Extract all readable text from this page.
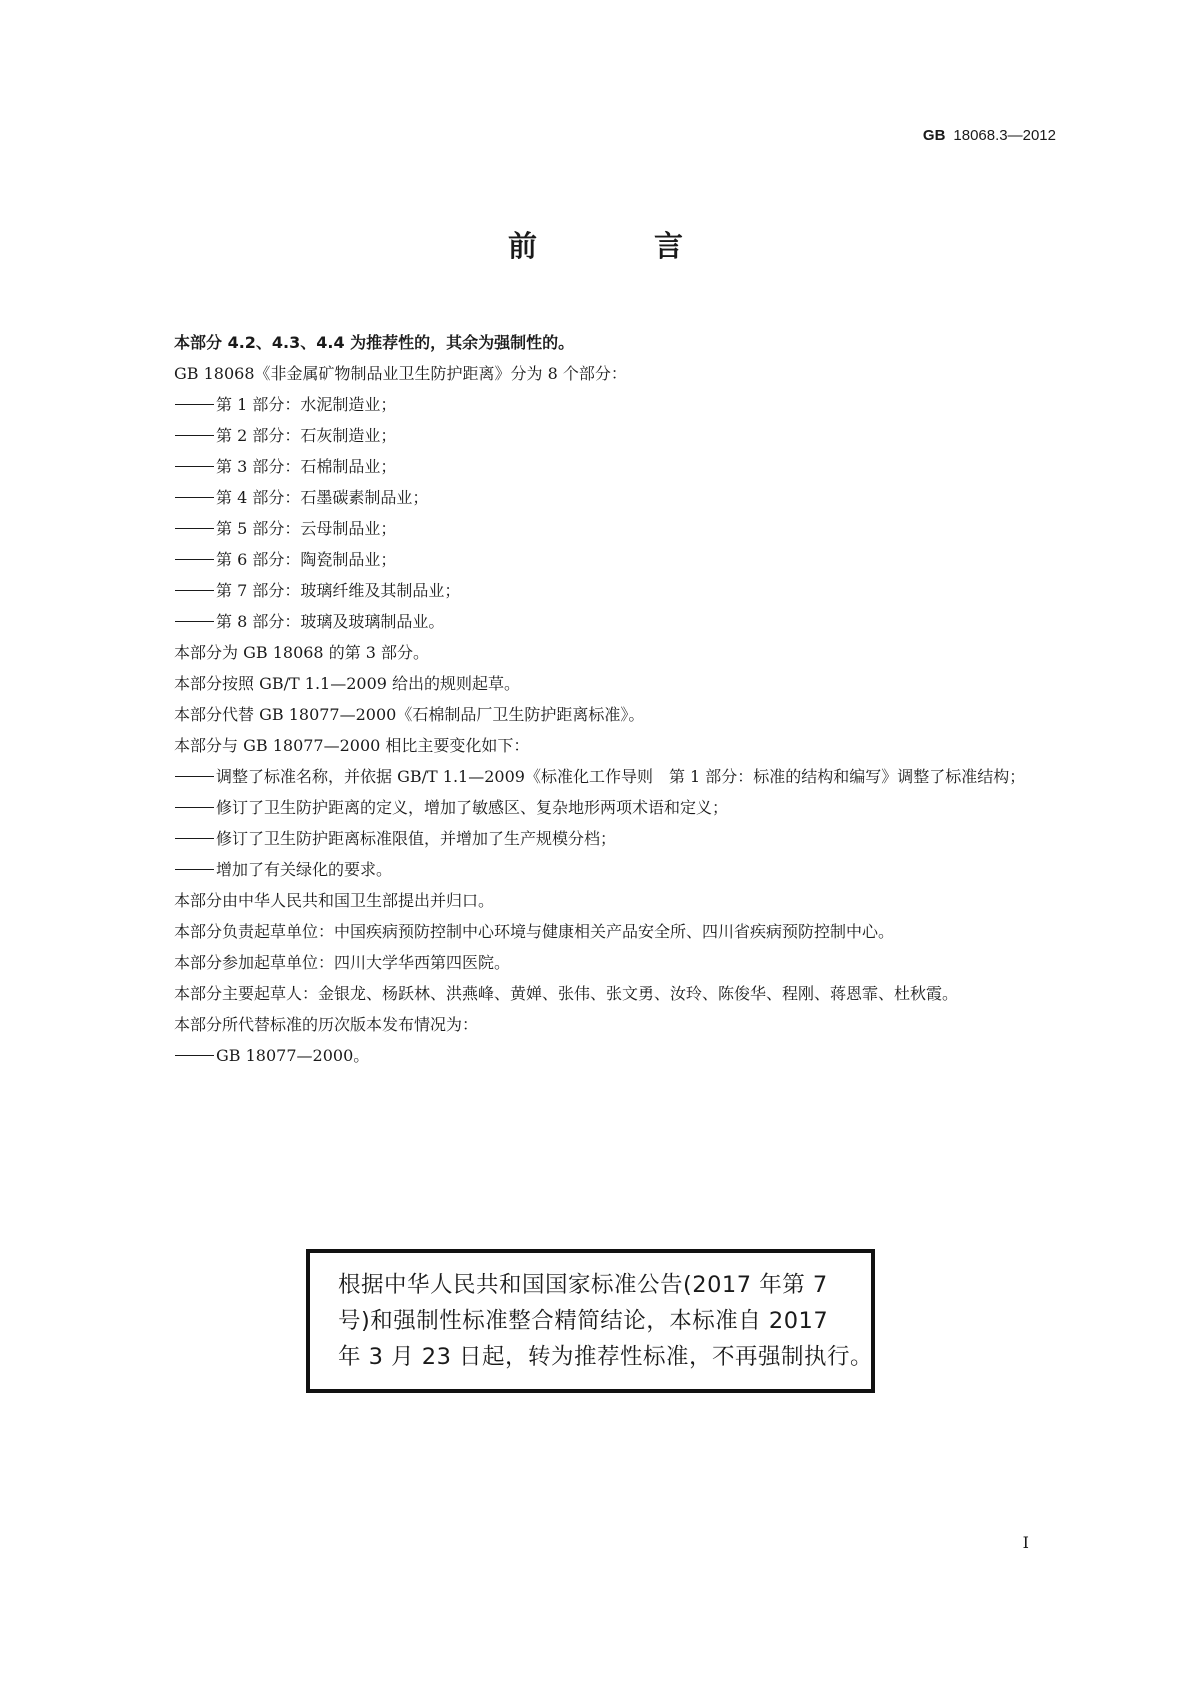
GB 18068.3—2012
前　言

本部分 4.2、4.3、4.4 为推荐性的，其余为强制性的。

GB 18068《非金属矿物制品业卫生防护距离》分为 8 个部分：

第 1 部分：水泥制造业；

第 2 部分：石灰制造业；

第 3 部分：石棉制品业；

第 4 部分：石墨碳素制品业；

第 5 部分：云母制品业；

第 6 部分：陶瓷制品业；

第 7 部分：玻璃纤维及其制品业；

第 8 部分：玻璃及玻璃制品业。

本部分为 GB 18068 的第 3 部分。

本部分按照 GB/T 1.1—2009 给出的规则起草。

本部分代替 GB 18077—2000《石棉制品厂卫生防护距离标准》。

本部分与 GB 18077—2000 相比主要变化如下：

调整了标准名称，并依据 GB/T 1.1—2009《标准化工作导则　第 1 部分：标准的结构和编写》调整了标准结构；

修订了卫生防护距离的定义，增加了敏感区、复杂地形两项术语和定义；

修订了卫生防护距离标准限值，并增加了生产规模分档；

增加了有关绿化的要求。

本部分由中华人民共和国卫生部提出并归口。

本部分负责起草单位：中国疾病预防控制中心环境与健康相关产品安全所、四川省疾病预防控制中心。

本部分参加起草单位：四川大学华西第四医院。

本部分主要起草人：金银龙、杨跃林、洪燕峰、黄婵、张伟、张文勇、汝玲、陈俊华、程刚、蒋恩霏、杜秋霞。

本部分所代替标准的历次版本发布情况为：

GB 18077—2000。

根据中华人民共和国国家标准公告(2017 年第 7
号)和强制性标准整合精简结论，本标准自 2017
年 3 月 23 日起，转为推荐性标准，不再强制执行。
I
